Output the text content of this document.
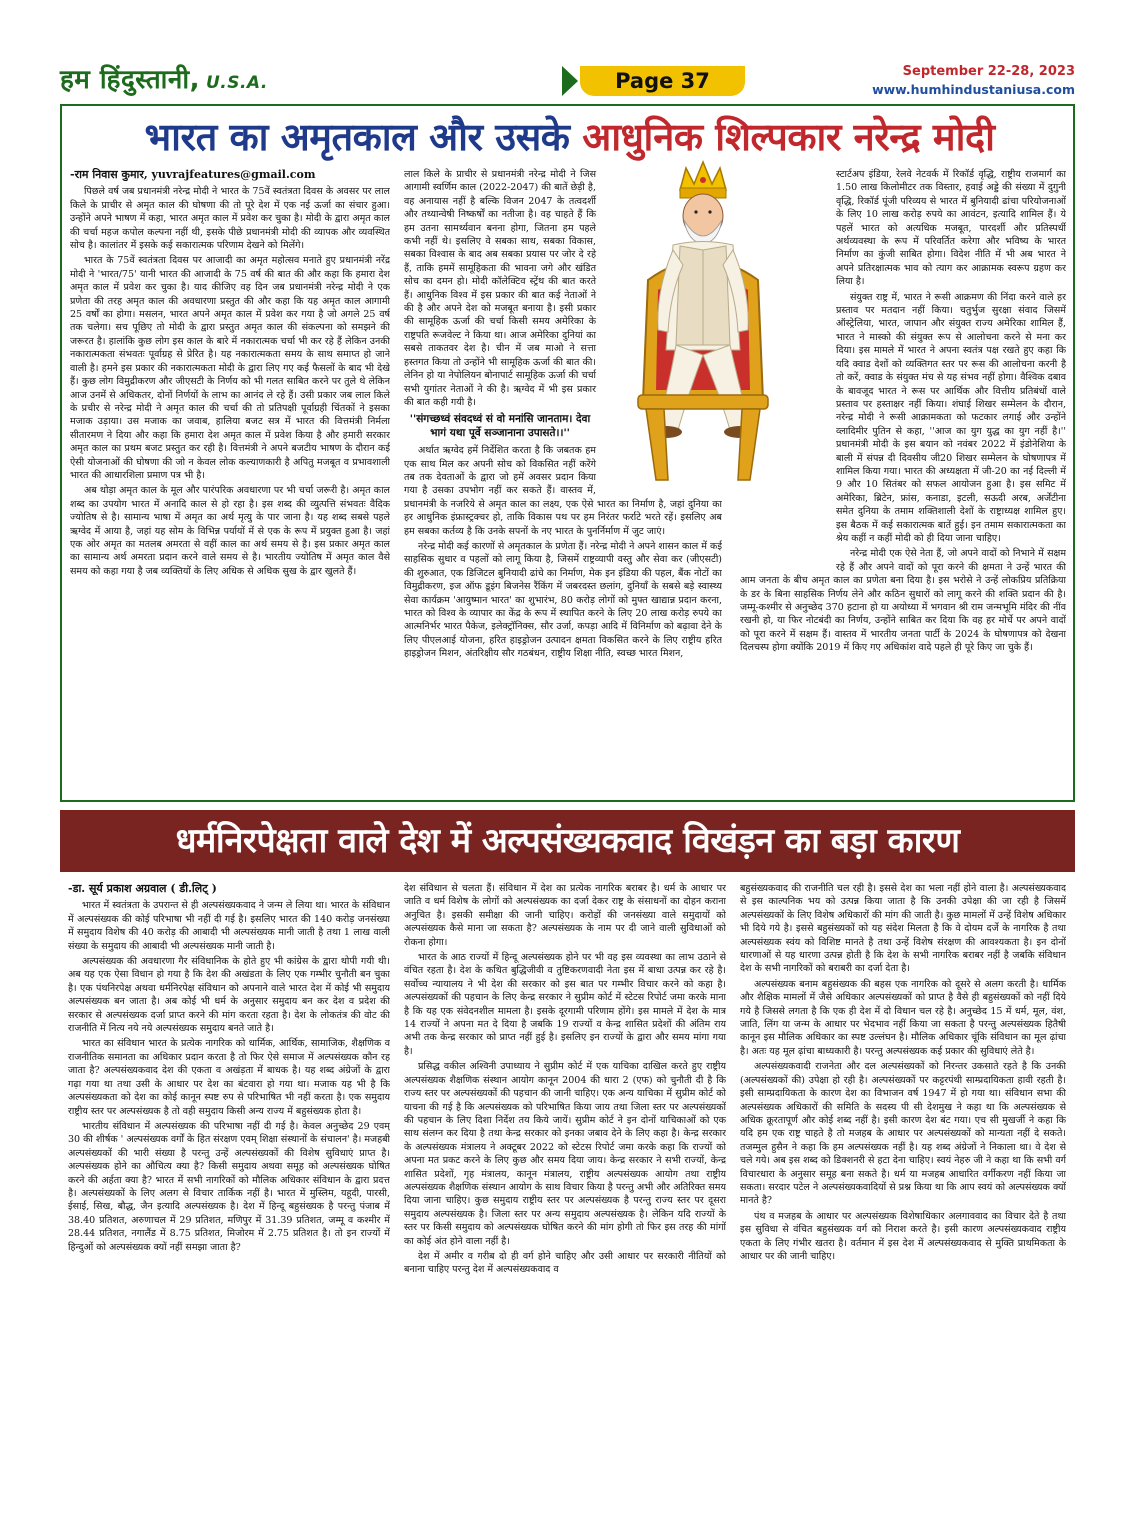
हम हिंदुस्तानी, U.S.A.	Page 37	September 22-28, 2023
www.humhindustaniusa.com
भारत का अमृतकाल और उसके आधुनिक शिल्पकार नरेन्द्र मोदी
-राम निवास कुमार, yuvrajfeatures@gmail.com

पिछले वर्ष जब प्रधानमंत्री नरेन्द्र मोदी ने भारत के 75वें स्वतंत्रता दिवस के अवसर पर लाल किले के प्राचीर से अमृत काल की घोषणा की तो पूरे देश में एक नई ऊर्जा का संचार हुआ। उन्होंने अपने भाषण में कहा, भारत अमृत काल में प्रवेश कर चुका है। मोदी के द्वारा अमृत काल की चर्चा महज कपोल कल्पना नहीं थी, इसके पीछे प्रधानमंत्री मोदी की व्यापक और व्यवस्थित सोच है। कालांतर में इसके कई सकारात्मक परिणाम देखने को मिलेंगे।

भारत के 75वें स्वतंत्रता दिवस पर आजादी का अमृत महोत्सव मनाते हुए प्रधानमंत्री नरेंद्र मोदी ने 'भारत/75' यानी भारत की आजादी के 75 वर्ष की बात की और कहा कि हमारा देश अमृत काल में प्रवेश कर चुका है। याद कीजिए वह दिन जब प्रधानमंत्री नरेन्द्र मोदी ने एक प्रणेता की तरह अमृत काल की अवधारणा प्रस्तुत की और कहा कि यह अमृत काल आगामी 25 वर्षों का होगा। मसलन, भारत अपने अमृत काल में प्रवेश कर गया है जो अगले 25 वर्ष तक चलेगा। सच पूछिए तो मोदी के द्वारा प्रस्तुत अमृत काल की संकल्पना को समझने की जरूरत है। हालांकि कुछ लोग इस काल के बारे में नकारात्मक चर्चा भी कर रहे हैं लेकिन उनकी नकारात्मकता संभवतः पूर्वाग्रह से प्रेरित है। यह नकारात्मकता समय के साथ समाप्त हो जाने वाली है। हमने इस प्रकार की नकारात्मकता मोदी के द्वारा लिए गए कई फैसलों के बाद भी देखे हैं। कुछ लोग विमुद्रीकरण और जीएसटी के निर्णय को भी गलत साबित करने पर तुले थे लेकिन आज उनमें से अधिकतर, दोनों निर्णयों के लाभ का आनंद ले रहे हैं। उसी प्रकार जब लाल किले के प्रचीर से नरेन्द्र मोदी ने अमृत काल की चर्चा की तो प्रतिपक्षी पूर्वाग्रही चिंतकों ने इसका मजाक उड़ाया। उस मजाक का जवाब, हालिया बजट सत्र में भारत की वित्तमंत्री निर्मला सीतारमण ने दिया और कहा कि हमारा देश अमृत काल में प्रवेश किया है और हमारी सरकार अमृत काल का प्रथम बजट प्रस्तुत कर रही है। वित्तमंत्री ने अपने बजटीय भाषण के दौरान कई ऐसी योजनाओं की घोषणा की जो न केवल लोक कल्याणकारी है अपितु मजबूत व प्रभावशाली भारत की आधारशिला प्रमाण पत्र भी है।

अब थोड़ा अमृत काल के मूल और पारंपरिक अवधारणा पर भी चर्चा जरूरी है। अमृत काल शब्द का उपयोग भारत में अनादि काल से हो रहा है। इस शब्द की व्युत्पत्ति संभवतः वैदिक ज्योतिष से है। सामान्य भाषा में अमृत का अर्थ मृत्यु के पार जाना है। यह शब्द सबसे पहले ऋग्वेद में आया है, जहां यह सोम के विभिन्न पर्यायों में से एक के रूप में प्रयुक्त हुआ है। जहां एक ओर अमृत का मतलब अमरता से वहीं काल का अर्थ समय से है। इस प्रकार अमृत काल का सामान्य अर्थ अमरता प्रदान करने वाले समय से है। भारतीय ज्योतिष में अमृत काल वैसे समय को कहा गया है जब व्यक्तियों के लिए अधिक से अधिक सुख के द्वार खुलते हैं।

लाल किले के प्राचीर से प्रधानमंत्री नरेन्द्र मोदी ने जिस आगामी स्वर्णिम काल (2022-2047) की बातें छेड़ी है, वह अनायास नहीं है बल्कि विजन 2047 के तत्वदर्शी और तथ्यान्वेषी निष्कर्षों का नतीजा है। वह चाहते हैं कि हम उतना सामर्थ्यवान बनना होगा, जितना हम पहले कभी नहीं थे। इसलिए वे सबका साथ, सबका विकास, सबका विश्वास के बाद अब सबका प्रयास पर जोर दे रहे हैं, ताकि हममें सामूहिकता की भावना जगे और खंडित सोच का दमन हो। मोदी कॉलेक्टिव स्ट्रेंथ की बात करते हैं। आधुनिक विश्व में इस प्रकार की बात कई नेताओं ने की है और अपने देश को मजबूत बनाया है। इसी प्रकार की सामूहिक ऊर्जा की चर्चा किसी समय अमेरिका के राष्ट्रपति रूजवेल्ट ने किया था। आज अमेरिका दुनियां का सबसे ताकतवर देश है। चीन में जब माओ ने सत्ता हस्तगत किया तो उन्होंने भी सामूहिक ऊर्जा की बात की। लेनिन हो या नेपोलियन बोनापार्ट सामूहिक ऊर्जा की चर्चा सभी युगांतर नेताओं ने की है। ऋग्वेद में भी इस प्रकार की बात कही गयी है।

''संगच्छध्वं संवदध्वं सं वो मनांसि जानताम। देवा भागं यथा पूर्वे सञ्जानाना उपासते।।''

अर्थात ऋग्वेद हमें निर्देशित करता है कि जबतक हम एक साथ मिल कर अपनी सोच को विकसित नहीं करेंगे तब तक देवताओं के द्वारा जो हमें अवसर प्रदान किया गया है उसका उपभोग नहीं कर सकते हैं। वास्तव में, प्रधानमंत्री के नजरिये से अमृत काल का लक्ष्य, एक ऐसे भारत का निर्माण है, जहां दुनिया का हर आधुनिक इंफ्रास्ट्रक्चर हो, ताकि विकास पथ पर हम निरंतर फर्राटे भरते रहें। इसलिए अब हम सबका कर्तव्य है कि उनके सपनों के नए भारत के पुनर्निर्माण में जुट जाएं।

नरेन्द्र मोदी कई कारणों से अमृतकाल के प्रणेता हैं। नरेन्द्र मोदी ने अपने शासन काल में कई साहसिक सुधार व पहलों को लागू किया है, जिसमें राष्ट्रव्यापी वस्तु और सेवा कर (जीएसटी) की शुरुआत, एक डिजिटल बुनियादी ढांचे का निर्माण, मेक इन इंडिया की पहल, बैंक नोटों का विमुद्रीकरण, इज ऑफ डूइंग बिजनेस रैंकिंग में जबरदस्त छलांग, दुनियाँ के सबसे बड़े स्वास्थ्य सेवा कार्यक्रम 'आयुष्मान भारत' का शुभारंभ, 80 करोड़ लोगों को मुफ्त खाद्यान्न प्रदान करना, भारत को विश्व के व्यापार का केंद्र के रूप में स्थापित करने के लिए 20 लाख करोड़ रुपये का आत्मनिर्भर भारत पैकेज, इलेक्ट्रॉनिक्स, सौर उर्जा, कपड़ा आदि में विनिर्माण को बढ़ावा देने के लिए पीएलआई योजना, हरित हाइड्रोजन उत्पादन क्षमता विकसित करने के लिए राष्ट्रीय हरित हाइड्रोजन मिशन, अंतरिक्षीय सौर गठबंधन, राष्ट्रीय शिक्षा नीति, स्वच्छ भारत मिशन,

स्टार्टअप इंडिया, रेलवे नेटवर्क में रिकॉर्ड वृद्धि, राष्ट्रीय राजमार्ग का 1.50 लाख किलोमीटर तक विस्तार, हवाई अड्डे की संख्या में दुगुनी वृद्धि, रिकॉर्ड पूंजी परिव्यय से भारत में बुनियादी ढांचा परियोजनाओं के लिए 10 लाख करोड़ रुपये का आवंटन, इत्यादि शामिल हैं। ये पहलें भारत को अत्यधिक मजबूत, पारदर्शी और प्रतिस्पर्धी अर्थव्यवस्था के रूप में परिवर्तित करेगा और भविष्य के भारत निर्माण का कुंजी साबित होगा। विदेश नीति में भी अब भारत ने अपने प्रतिरक्षात्मक भाव को त्याग कर आक्रामक स्वरूप ग्रहण कर लिया है।

संयुक्त राष्ट्र में, भारत ने रूसी आक्रमण की निंदा करने वाले हर प्रस्ताव पर मतदान नहीं किया। चतुर्भुज सुरक्षा संवाद जिसमें ऑस्ट्रेलिया, भारत, जापान और संयुक्त राज्य अमेरिका शामिल हैं, भारत ने मास्को की संयुक्त रूप से आलोचना करने से मना कर दिया। इस मामले में भारत ने अपना स्वतंत्र पक्ष रखते हुए कहा कि यदि क्वाड देशों को व्यक्तिगत स्तर पर रूस की आलोचना करनी है तो करें, क्वाड के संयुक्त मंच से यह संभव नहीं होगा। वैश्विक दबाव के बावजूद भारत ने रूस पर आर्थिक और वित्तीय प्रतिबंधों वाले प्रस्ताव पर हस्ताक्षर नहीं किया। शंघाई शिखर सम्मेलन के दौरान, नरेन्द्र मोदी ने रूसी आक्रामकता को फटकार लगाई और उन्होंने व्लादिमीर पुतिन से कहा, ''आज का युग युद्ध का युग नहीं है।'' प्रधानमंत्री मोदी के इस बयान को नवंबर 2022 में इंडोनेशिया के बाली में संपन्न दी दिवसीय जी20 शिखर सम्मेलन के घोषणापत्र में शामिल किया गया। भारत की अध्यक्षता में जी-20 का नई दिल्ली में 9 और 10 सितंबर को सफल आयोजन हुआ है। इस समिट में अमेरिका, ब्रिटेन, फ्रांस, कनाडा, इटली, सऊदी अरब, अर्जेंटीना समेत दुनिया के तमाम शक्तिशाली देशों के राष्ट्राध्यक्ष शामिल हुए। इस बैठक में कई सकारात्मक बातें हुई। इन तमाम सकारात्मकता का श्रेय कहीं न कहीं मोदी को ही दिया जाना चाहिए।

नरेन्द्र मोदी एक ऐसे नेता हैं, जो अपने वादों को निभाने में सक्षम रहे हैं और अपने वादों को पूरा करने की क्षमता ने उन्हें भारत की आम जनता के बीच अमृत काल का प्रणेता बना दिया है। इस भरोसे ने उन्हें लोकप्रिय प्रतिक्रिया के डर के बिना साहसिक निर्णय लेने और कठिन सुधारों को लागू करने की शक्ति प्रदान की है। जम्मू-कश्मीर से अनुच्छेद 370 हटाना हो या अयोध्या में भगवान श्री राम जन्मभूमि मंदिर की नींव रखनी हो, या फिर नोटबंदी का निर्णय, उन्होंने साबित कर दिया कि वह हर मोर्चे पर अपने वादों को पूरा करने में सक्षम हैं। वास्तव में भारतीय जनता पार्टी के 2024 के घोषणापत्र को देखना दिलचस्प होगा क्योंकि 2019 में किए गए अधिकांश वादे पहले ही पूरे किए जा चुके हैं।

धर्मनिरपेक्षता वाले देश में अल्पसंख्यकवाद विखंड़न का बड़ा कारण
-डा. सूर्य प्रकाश अग्रवाल ( डी.लिट् )

भारत में स्वतंत्रता के उपरान्त से ही अल्पसंख्यकवाद ने जन्म ले लिया था। भारत के संविधान में अल्पसंख्यक की कोई परिभाषा भी नहीं दी गई है। इसलिए भारत की 140 करोड़ जनसंख्या में समुदाय विशेष की 40 करोड़ की आबादी भी अल्पसंख्यक मानी जाती है तथा 1 लाख वाली संख्या के समुदाय की आबादी भी अल्पसंख्यक मानी जाती है।

अल्पसंख्यक की अवधारणा गैर संविधानिक के होते हुए भी कांग्रेस के द्वारा थोपी गयी थी। अब यह एक ऐसा विधान हो गया है कि देश की अखंडता के लिए एक गम्भीर चुनौती बन चुका है। एक पंथनिरपेक्ष अथवा धर्मनिरपेक्ष संविधान को अपनाने वाले भारत देश में कोई भी समुदाय अल्पसंख्यक बन जाता है। अब कोई भी धर्म के अनुसार समुदाय बन कर देश व प्रदेश की सरकार से अल्पसंख्यक दर्जा प्राप्त करने की मांग करता रहता है। देश के लोकतंत्र की वोट की राजनीति में नित्य नये नये अल्पसंख्यक समुदाय बनते जाते है।

भारत का संविधान भारत के प्रत्येक नागरिक को धार्मिक, आर्थिक, सामाजिक, शैक्षणिक व राजनीतिक समानता का अधिकार प्रदान करता है तो फिर ऐसे समाज में अल्पसंख्यक कौन रह जाता है? अल्पसंख्यकवाद देश की एकता व अखंड़ता में बाधक है। यह शब्द अंग्रेजों के द्वारा गढ़ा गया था तथा उसी के आधार पर देश का बंटवारा हो गया था। मजाक यह भी है कि अल्पसंख्यकता को देश का कोई कानून स्पष्ट रुप से परिभाषित भी नहीं करता है। एक समुदाय राष्ट्रीय स्तर पर अल्पसंख्यक है तो वही समुदाय किसी अन्य राज्य में बहुसंख्यक होता है।

भारतीय संविधान में अल्पसंख्यक की परिभाषा नहीं दी गई है। केवल अनुच्छेद 29 एवम् 30 की शीर्षक ' अल्पसंख्यक वर्गों के हित संरक्षण एवम् शिक्षा संस्थानों के संचालन' है। मजहबी अल्पसंख्यकों की भारी संख्या है परन्तु उन्हें अल्पसंख्यकों की विशेष सुविधाएं प्राप्त है। अल्पसंख्यक होने का औचित्य क्या है? किसी समुदाय अथवा समूह को अल्पसंख्यक घोषित करने की अर्हता क्या है? भारत में सभी नागरिकों को मौलिक अधिकार संविधान के द्वारा प्रदत्त है। अल्पसंख्यकों के लिए अलग से विचार तार्किक नहीं है। भारत में मुस्लिम, यहूदी, पारसी, ईसाई, सिख, बौद्ध, जैन इत्यादि अल्पसंख्यक है। देश में हिन्दू बहुसंख्यक है परन्तु पंजाब में 38.40 प्रतिशत, अरुणाचल में 29 प्रतिशत, मणिपुर में 31.39 प्रतिशत, जम्मू व कश्मीर में 28.44 प्रतिशत, नगालैंड में 8.75 प्रतिशत, मिजोरम में 2.75 प्रतिशत है। तो इन राज्यों में हिन्दुओं को अल्पसंख्यक क्यों नहीं समझा जाता है?

देश संविधान से चलता हैं। संविधान में देश का प्रत्येक नागरिक बराबर है। धर्म के आधार पर जाति व धर्म विशेष के लोगों को अल्पसंख्यक का दर्जा देकर राष्ट्र के संसाधनों का दोहन कराना अनुचित है। इसकी समीक्षा की जानी चाहिए। करोड़ों की जनसंख्या वाले समुदायों को अल्पसंख्यक कैसे माना जा सकता है? अल्पसंख्यक के नाम पर दी जाने वाली सुविधाओं को रोकना होगा।

भारत के आठ राज्यों में हिन्दू अल्पसंख्यक होने पर भी वह इस व्यवस्था का लाभ उठाने से वंचित रहता है। देश के कथित बुद्धिजीवी व तुष्टिकरणवादी नेता इस में बाधा उत्पन्न कर रहे है। सर्वोच्च न्यायालय ने भी देश की सरकार को इस बात पर गम्भीर विचार करने को कहा है। अल्पसंख्यकों की पहचान के लिए केन्द्र सरकार ने सुप्रीम कोर्ट में स्टेटस रिपोर्ट जमा करके माना है कि यह एक संवेदनशील मामला है। इसके दूरगामी परिणाम होंगे। इस मामले में देश के मात्र 14 राज्यों ने अपना मत दे दिया है जबकि 19 राज्यों व केन्द्र शासित प्रदेशों की अंतिम राय अभी तक केन्द्र सरकार को प्राप्त नहीं हुई है। इसलिए इन राज्यों के द्वारा और समय मांगा गया है।

प्रसिद्ध वकील अश्विनी उपाध्याय ने सुप्रीम कोर्ट में एक याचिका दाखिल करते हुए राष्ट्रीय अल्पसंख्यक शैक्षणिक संस्थान आयोग कानून 2004 की धारा 2 (एफ) को चुनौती दी है कि राज्य स्तर पर अल्पसंख्यकों की पहचान की जानी चाहिए। एक अन्य याचिका में सुप्रीम कोर्ट को याचना की गई है कि अल्पसंख्यक को परिभाषित किया जाय तथा जिला स्तर पर अल्पसंख्यकों की पहचान के लिए दिशा निर्देश तय किये जायें। सुप्रीम कोर्ट ने इन दोनों याचिकाओं को एक साथ संलग्न कर दिया है तथा केन्द्र सरकार को इनका जबाव देने के लिए कहा है। केन्द्र सरकार के अल्पसंख्यक मंत्रालय ने अक्टूबर 2022 को स्टेटस रिपोर्ट जमा करके कहा कि राज्यों को अपना मत प्रकट करने के लिए कुछ और समय दिया जाय। केन्द्र सरकार ने सभी राज्यों, केन्द्र शासित प्रदेशों, गृह मंत्रालय, कानून मंत्रालय, राष्ट्रीय अल्पसंख्यक आयोग तथा राष्ट्रीय अल्पसंख्यक शैक्षणिक संस्थान आयोग के साथ विचार किया है परन्तु अभी और अतिरिक्त समय दिया जाना चाहिए। कुछ समुदाय राष्ट्रीय स्तर पर अल्पसंख्यक है परन्तु राज्य स्तर पर दूसरा समुदाय अल्पसंख्यक है। जिला स्तर पर अन्य समुदाय अल्पसंख्यक है। लेकिन यदि राज्यों के स्तर पर किसी समुदाय को अल्पसंख्यक घोषित करने की मांग होगी तो फिर इस तरह की मांगों का कोई अंत होने वाला नहीं है।

देश में अमीर व गरीब दो ही वर्ग होने चाहिए और उसी आधार पर सरकारी नीतियों को बनाना चाहिए परन्तु देश में अल्पसंख्यकवाद व

बहुसंख्यकवाद की राजनीति चल रही है। इससे देश का भला नहीं होने वाला है। अल्पसंख्यकवाद से इस काल्पनिक भय को उत्पन्न किया जाता है कि उनकी उपेक्षा की जा रही है जिसमें अल्पसंख्यकों के लिए विशेष अधिकारों की मांग की जाती है। कुछ मामलों में उन्हें विशेष अधिकार भी दिये गये है। इससे बहुसंख्यकों को यह संदेश मिलता है कि वे दोयम दर्जे के नागरिक है तथा अल्पसंख्यक स्वंय को विशिष्ट मानते है तथा उन्हें विशेष संरक्षण की आवश्यकता है। इन दोनों धारणाओं से यह धारणा उत्पन्न होती है कि देश के सभी नागरिक बराबर नहीं है जबकि संविधान देश के सभी नागरिकों को बराबरी का दर्जा देता है।

अल्पसंख्यक बनाम बहुसंख्यक की बहस एक नागरिक को दूसरे से अलग करती है। धार्मिक और शैक्षिक मामलों में जैसे अधिकार अल्पसंख्यकों को प्राप्त है वैसे ही बहुसंख्यकों को नहीं दिये गये है जिससे लगता है कि एक ही देश में दो विधान चल रहे है। अनुच्छेद 15 में धर्म, मूल, वंश, जाति, लिंग या जन्म के आधार पर भेदभाव नहीं किया जा सकता है परन्तु अल्पसंख्यक हितैषी कानून इस मौलिक अधिकार का स्पष्ट उल्लंघन है। मौलिक अधिकार चूंकि संविधान का मूल ढ़ांचा है। अतः यह मूल ढ़ांचा बाध्यकारी है। परन्तु अल्पसंख्यक कई प्रकार की सुविधाएं लेते है।

अल्पसंख्यकवादी राजनेता और दल अल्पसंख्यकों को निरन्तर उकसाते रहते है कि उनकी (अल्पसंख्यकों की) उपेक्षा हो रही है। अल्पसंख्यकों पर कट्टरपंथी साम्प्रदायिकता हावी रहती है। इसी साम्प्रदायिकता के कारण देश का विभाजन वर्ष 1947 में हो गया था। संविधान सभा की अल्पसंख्यक अधिकारों की समिति के सदस्य पी सी देशमुख ने कहा था कि अल्पसंख्यक से अधिक क्रूरतापूर्ण और कोई शब्द नहीं है। इसी कारण देश बंट गया। एच सी मुखर्जी ने कहा कि यदि हम एक राष्ट्र चाहते है तो मजहब के आधार पर अल्पसंख्यकों को मान्यता नहीं दे सकते। तजम्मुल हुसैन ने कहा कि हम अल्पसंख्यक नहीं है। यह शब्द अंग्रेजों ने निकाला था। वे देश से चले गये। अब इस शब्द को डिक्शनरी से हटा देना चाहिए। स्वयं नेहरु जी ने कहा था कि सभी वर्ग विचारधारा के अनुसार समूह बना सकते है। धर्म या मजहब आधारित वर्गीकरण नहीं किया जा सकता। सरदार पटेल ने अल्पसंख्यकवादियों से प्रश्न किया था कि आप स्वयं को अल्पसंख्यक क्यों मानते है?

पंथ व मजहब के आधार पर अल्पसंख्यक विशेषाधिकार अलगाववाद का विचार देते है तथा इस सुविधा से वंचित बहुसंख्यक वर्ग को निराश करते है। इसी कारण अल्पसंख्यकवाद राष्ट्रीय एकता के लिए गंभीर खतरा है। वर्तमान में इस देश में अल्पसंख्यकवाद से मुक्ति प्राथमिकता के आधार पर की जानी चाहिए।
